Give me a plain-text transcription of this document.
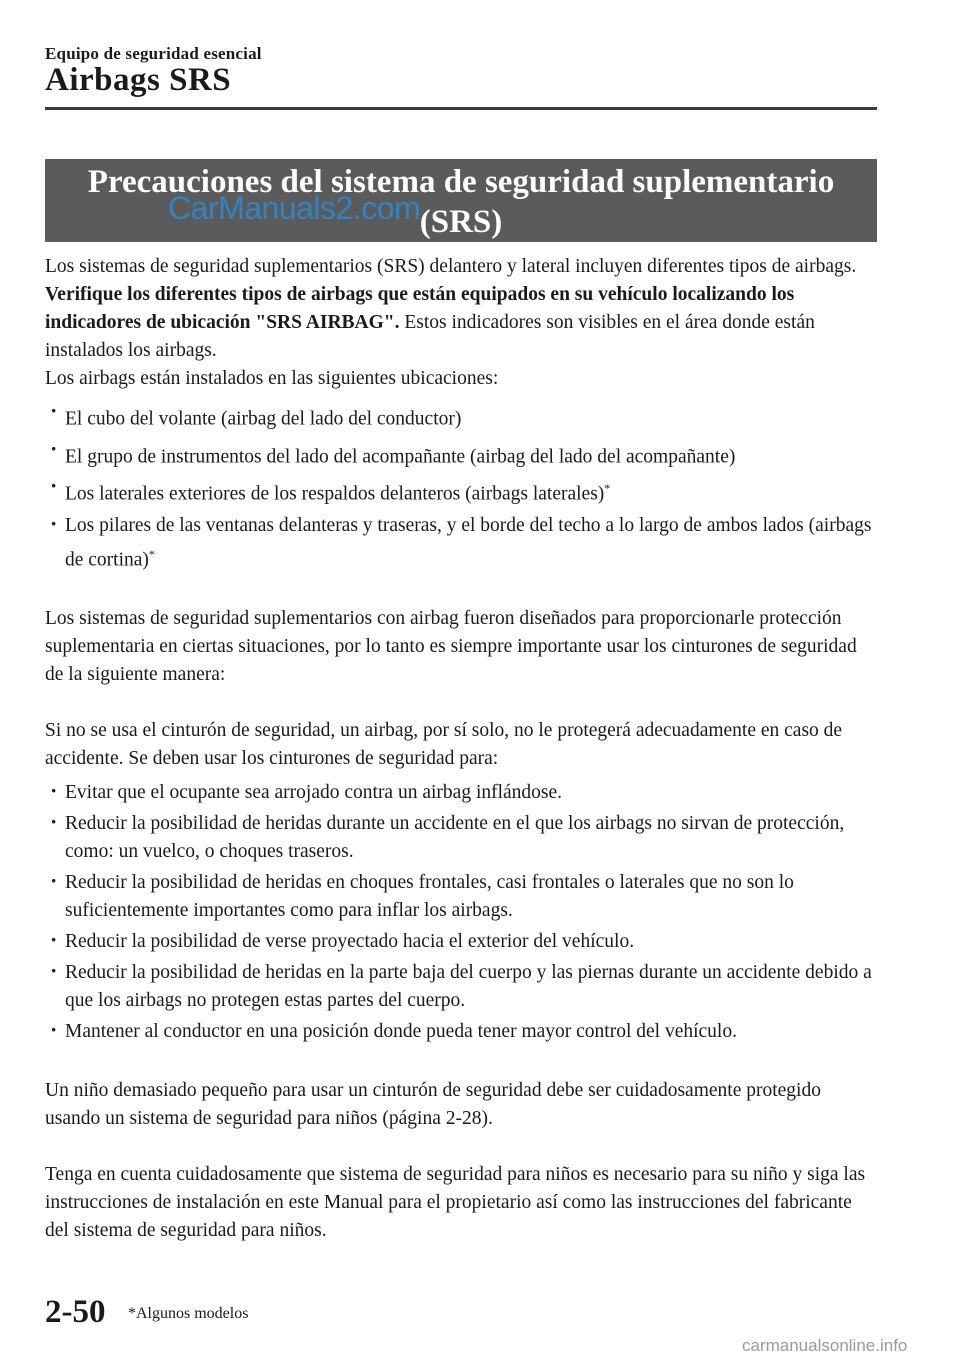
Equipo de seguridad esencial
Airbags SRS
Precauciones del sistema de seguridad suplementario
(SRS)
CarManuals2.com

Los sistemas de seguridad suplementarios (SRS) delantero y lateral incluyen diferentes tipos de airbags. Verifique los diferentes tipos de airbags que están equipados en su vehículo localizando los indicadores de ubicación "SRS AIRBAG". Estos indicadores son visibles en el área donde están instalados los airbags.

Los airbags están instalados en las siguientes ubicaciones:

· El cubo del volante (airbag del lado del conductor)
· El grupo de instrumentos del lado del acompañante (airbag del lado del acompañante)
· Los laterales exteriores de los respaldos delanteros (airbags laterales)*
· Los pilares de las ventanas delanteras y traseras, y el borde del techo a lo largo de ambos lados (airbags de cortina)*

Los sistemas de seguridad suplementarios con airbag fueron diseñados para proporcionarle protección suplementaria en ciertas situaciones, por lo tanto es siempre importante usar los cinturones de seguridad de la siguiente manera:

Si no se usa el cinturón de seguridad, un airbag, por sí solo, no le protegerá adecuadamente en caso de accidente. Se deben usar los cinturones de seguridad para:

· Evitar que el ocupante sea arrojado contra un airbag inflándose.
· Reducir la posibilidad de heridas durante un accidente en el que los airbags no sirvan de protección, como: un vuelco, o choques traseros.
· Reducir la posibilidad de heridas en choques frontales, casi frontales o laterales que no son lo suficientemente importantes como para inflar los airbags.
· Reducir la posibilidad de verse proyectado hacia el exterior del vehículo.
· Reducir la posibilidad de heridas en la parte baja del cuerpo y las piernas durante un accidente debido a que los airbags no protegen estas partes del cuerpo.
· Mantener al conductor en una posición donde pueda tener mayor control del vehículo.

Un niño demasiado pequeño para usar un cinturón de seguridad debe ser cuidadosamente protegido usando un sistema de seguridad para niños (página 2-28).

Tenga en cuenta cuidadosamente que sistema de seguridad para niños es necesario para su niño y siga las instrucciones de instalación en este Manual para el propietario así como las instrucciones del fabricante del sistema de seguridad para niños.

2-50 *Algunos modelos
carmanualsonline.info
